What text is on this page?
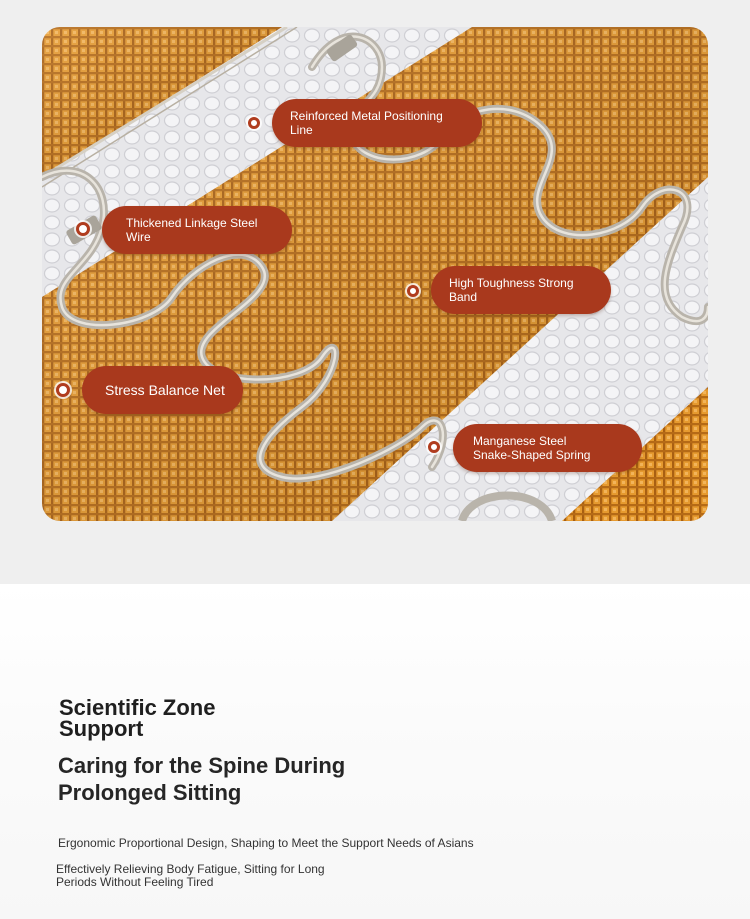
Reinforced Metal Positioning Line
Thickened Linkage Steel Wire
High Toughness Strong
Band
Stress Balance Net
Manganese Steel
Snake-Shaped Spring
Scientific Zone
Support
Caring for the Spine During
Prolonged Sitting

Ergonomic Proportional Design, Shaping to Meet the Support Needs of Asians

Effectively Relieving Body Fatigue, Sitting for Long
Periods Without Feeling Tired
